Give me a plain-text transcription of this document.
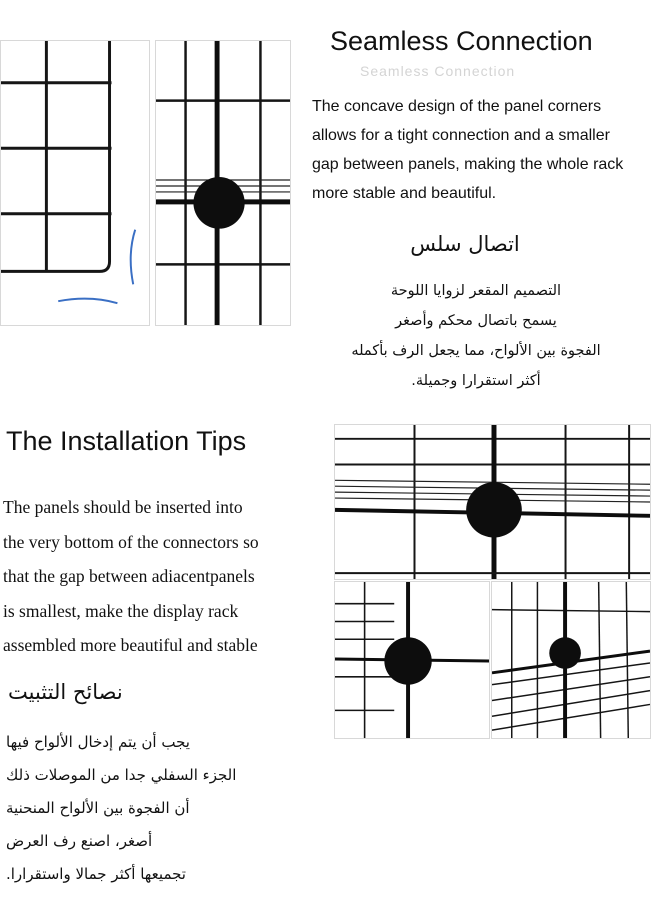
Seamless Connection
Seamless Connection
The concave design of the panel corners
allows for a tight connection and a smaller
gap between panels, making the whole rack
more stable and beautiful.
اتصال سلس
التصميم المقعر لزوايا اللوحة
يسمح باتصال محكم وأصغر
الفجوة بين الألواح، مما يجعل الرف بأكمله
أكثر استقرارا وجميلة.
The Installation Tips
The panels should be inserted into
the very bottom of the connectors so
that the gap between adiacentpanels
is smallest, make the display rack
assembled more beautiful and stable
نصائح التثبيت
يجب أن يتم إدخال الألواح فيها
الجزء السفلي جدا من الموصلات ذلك
أن الفجوة بين الألواح المنحنية
أصغر، اصنع رف العرض
تجميعها أكثر جمالا واستقرارا.
